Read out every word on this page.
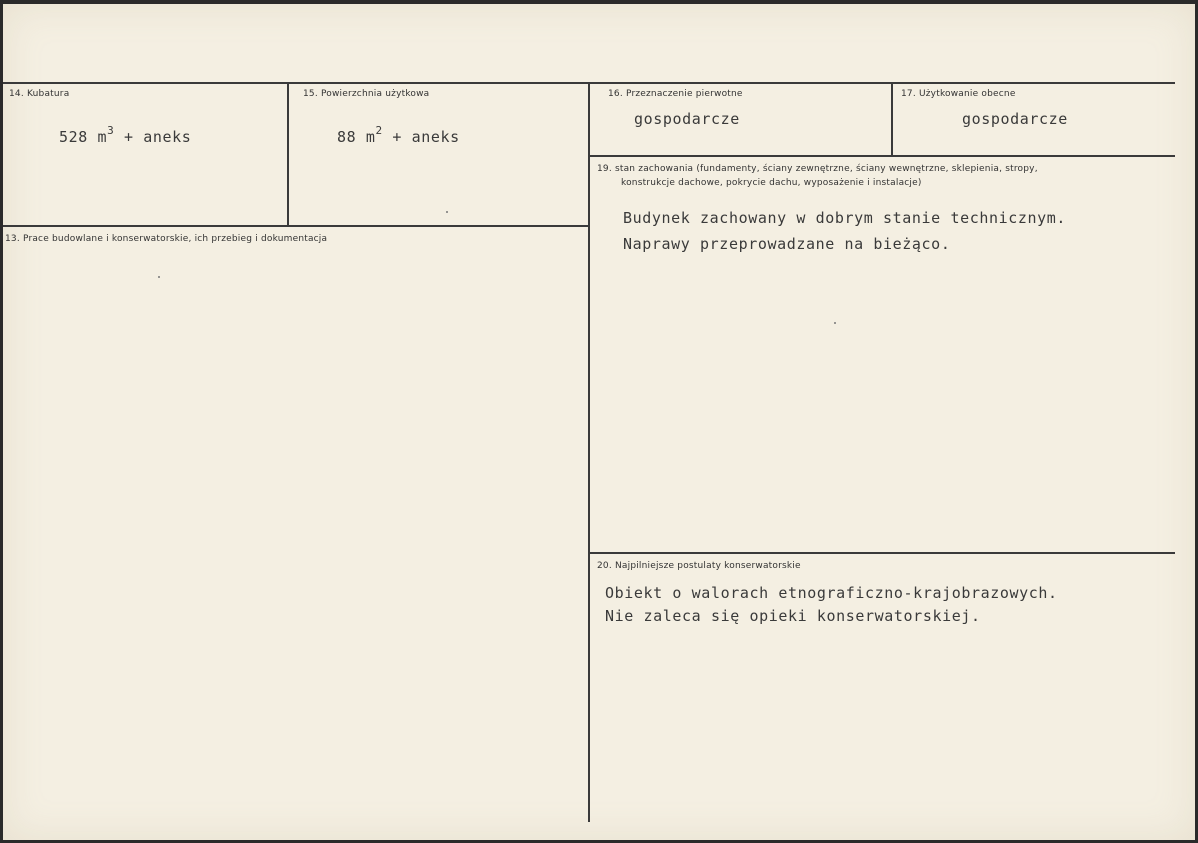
14. Kubatura
528 $m^3$ + aneks
15. Powierzchnia użytkowa
88 $m^2$ + aneks
16. Przeznaczenie pierwotne
gospodarcze
17. Użytkowanie obecne
gospodarcze
13. Prace budowlane i konserwatorskie, ich przebieg i dokumentacja
19. stan zachowania (fundamenty, ściany zewnętrzne, ściany wewnętrzne, sklepienia, stropy,
konstrukcje dachowe, pokrycie dachu, wyposażenie i instalacje)
Budynek zachowany w dobrym stanie technicznym.
Naprawy przeprowadzane na bieżąco.
20. Najpilniejsze postulaty konserwatorskie
Obiekt o walorach etnograficzno-krajobrazowych.
Nie zaleca się opieki konserwatorskiej.
